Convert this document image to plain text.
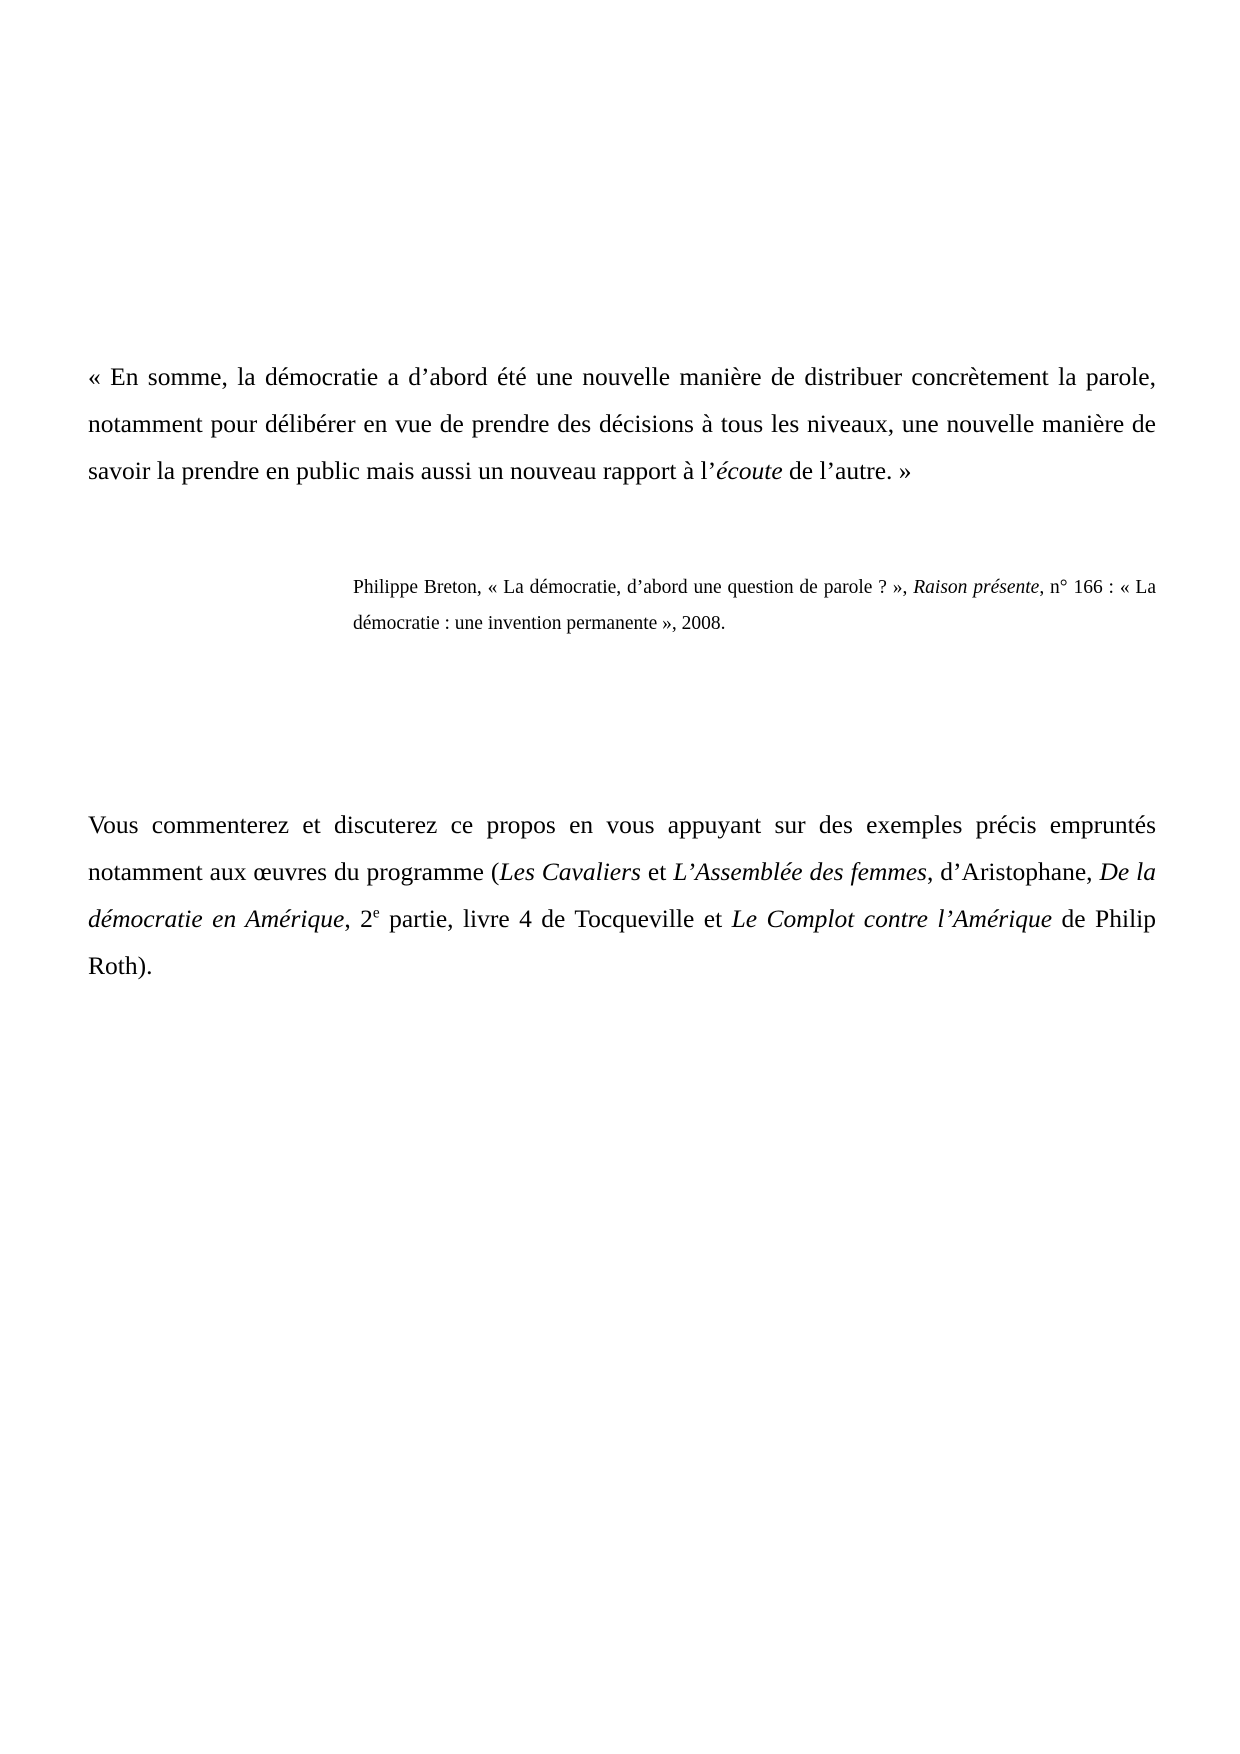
« En somme, la démocratie a d’abord été une nouvelle manière de distribuer concrètement la parole, notamment pour délibérer en vue de prendre des décisions à tous les niveaux, une nouvelle manière de savoir la prendre en public mais aussi un nouveau rapport à l’écoute de l’autre. »

Philippe Breton, « La démocratie, d’abord une question de parole ? », Raison présente, n° 166 : « La démocratie : une invention permanente », 2008.

Vous commenterez et discuterez ce propos en vous appuyant sur des exemples précis empruntés notamment aux œuvres du programme (Les Cavaliers et L’Assemblée des femmes, d’Aristophane, De la démocratie en Amérique, 2e partie, livre 4 de Tocqueville et Le Complot contre l’Amérique de Philip Roth).
